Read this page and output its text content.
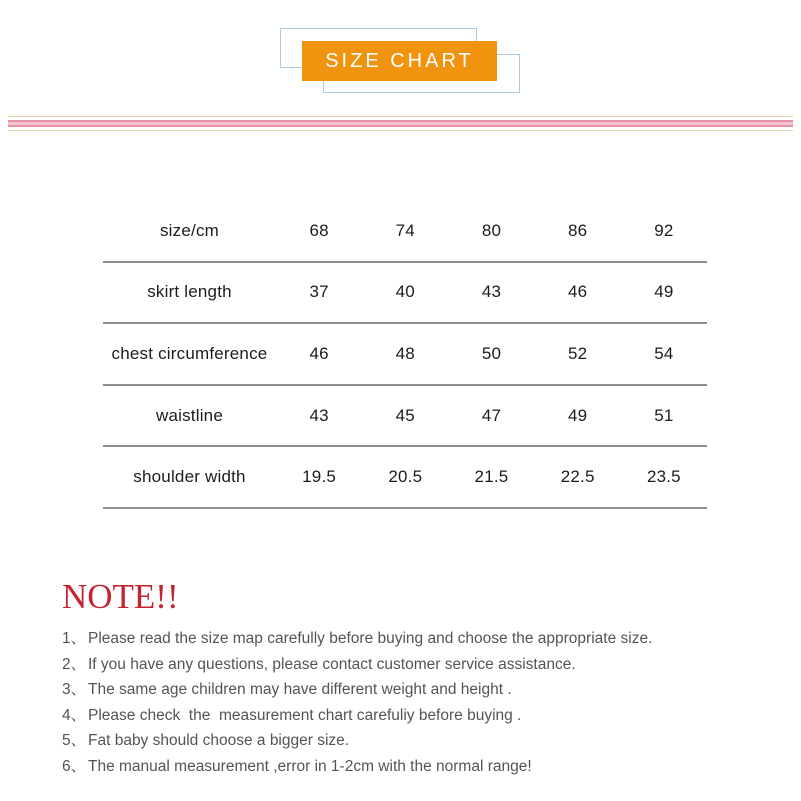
SIZE CHART
size/cm	68	74	80	86	92
skirt length	37	40	43	46	49
chest circumference	46	48	50	52	54
waistline	43	45	47	49	51
shoulder width	19.5	20.5	21.5	22.5	23.5
NOTE!!
1、 Please read the size map carefully before buying and choose the appropriate size.
2、 If you have any questions, please contact customer service assistance.
3、 The same age children may have different weight and height .
4、 Please check  the  measurement chart carefuliy before buying .
5、 Fat baby should choose a bigger size.
6、 The manual measurement ,error in 1-2cm with the normal range!
